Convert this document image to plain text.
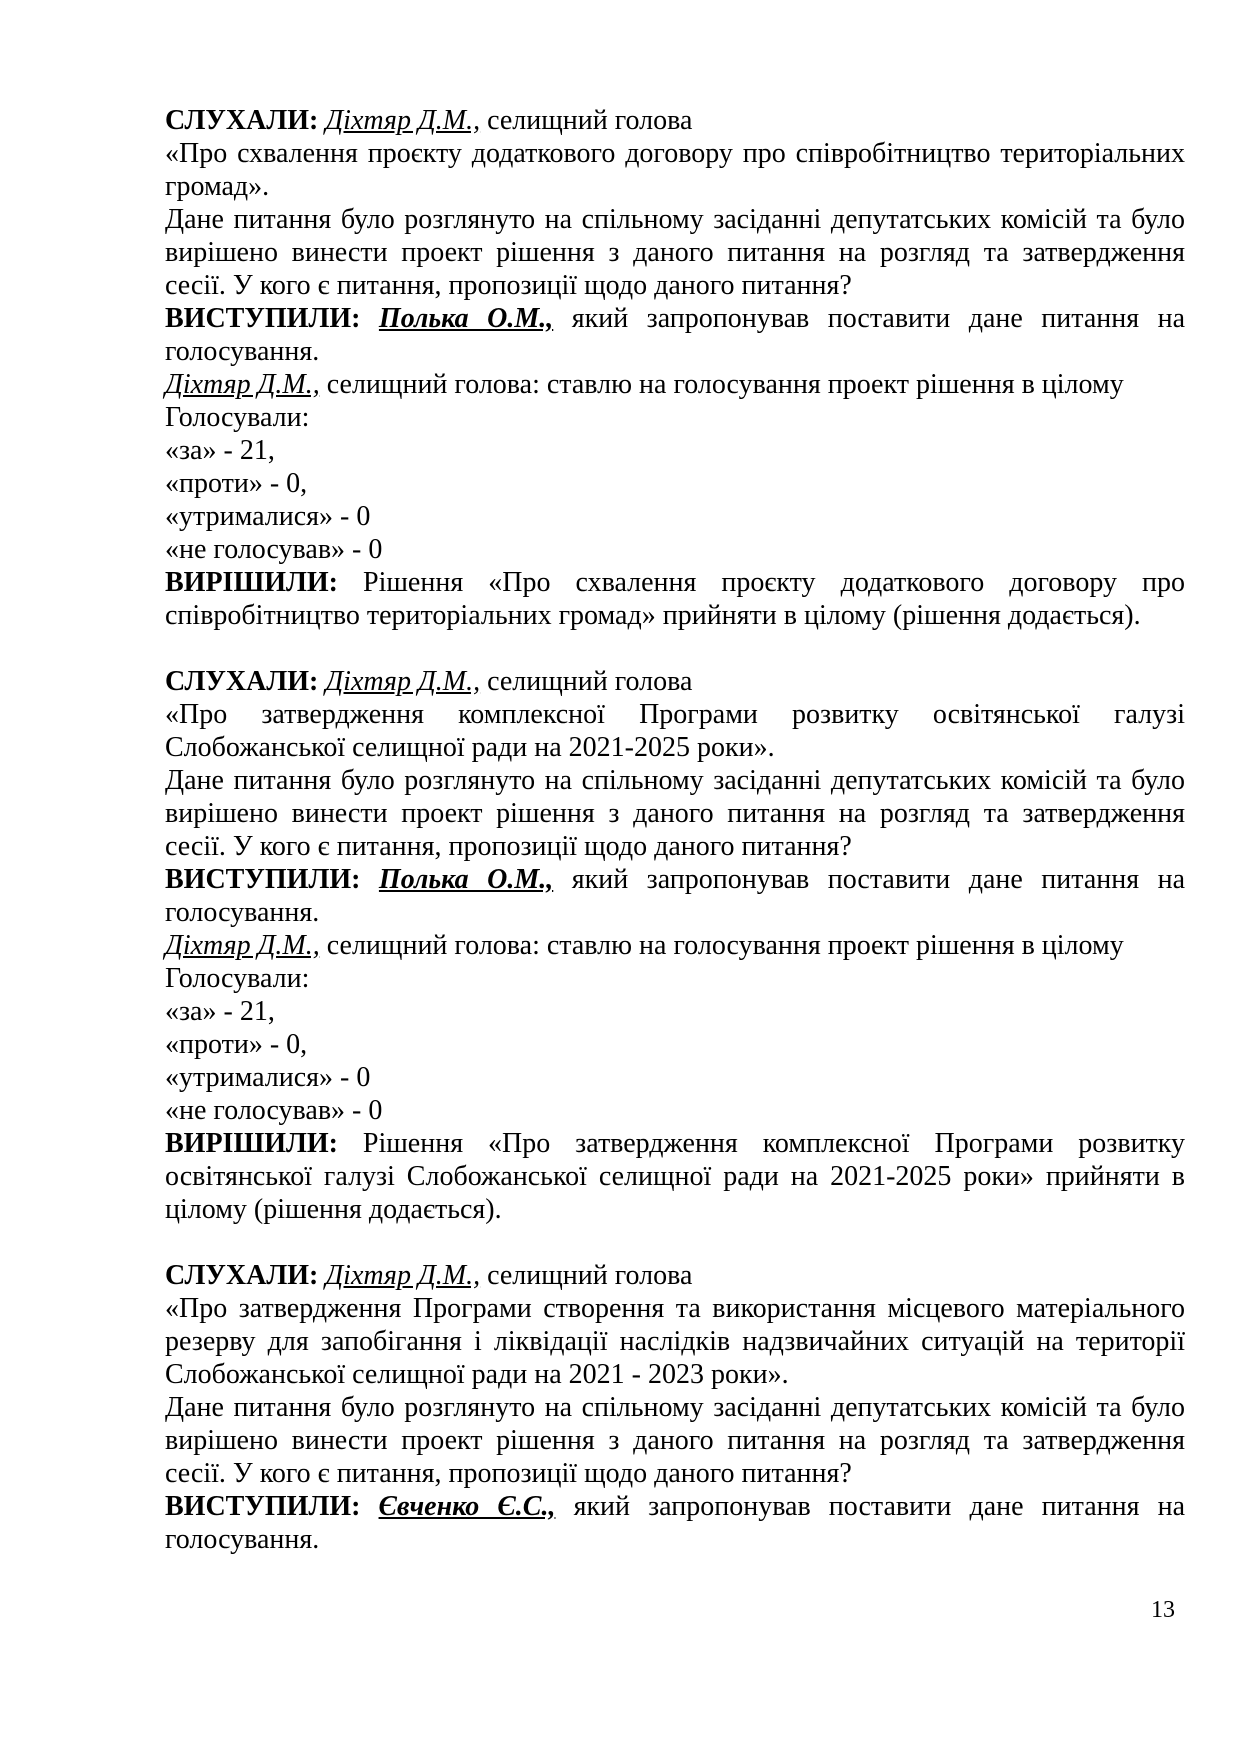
СЛУХАЛИ: Діхтяр Д.М., селищний голова

«Про схвалення проєкту додаткового договору про співробітництво територіальних громад».

Дане питання було розглянуто на спільному засіданні депутатських комісій та було вирішено винести проект рішення з даного питання на розгляд та затвердження сесії. У кого є питання, пропозиції щодо даного питання?

ВИСТУПИЛИ: Полька О.М., який запропонував поставити дане питання на голосування.

Діхтяр Д.М., селищний голова: ставлю на голосування проект рішення в цілому

Голосували:

«за» - 21,

«проти» - 0,

«утрималися» - 0

«не голосував» - 0

ВИРІШИЛИ: Рішення «Про схвалення проєкту додаткового договору про співробітництво територіальних громад» прийняти в цілому (рішення додається).

СЛУХАЛИ: Діхтяр Д.М., селищний голова

«Про затвердження комплексної Програми розвитку освітянської галузі Слобожанської селищної ради на 2021-2025 роки».

Дане питання було розглянуто на спільному засіданні депутатських комісій та було вирішено винести проект рішення з даного питання на розгляд та затвердження сесії. У кого є питання, пропозиції щодо даного питання?

ВИСТУПИЛИ: Полька О.М., який запропонував поставити дане питання на голосування.

Діхтяр Д.М., селищний голова: ставлю на голосування проект рішення в цілому

Голосували:

«за» - 21,

«проти» - 0,

«утрималися» - 0

«не голосував» - 0

ВИРІШИЛИ: Рішення «Про затвердження комплексної Програми розвитку освітянської галузі Слобожанської селищної ради на 2021-2025 роки» прийняти в цілому (рішення додається).

СЛУХАЛИ: Діхтяр Д.М., селищний голова

«Про затвердження Програми створення та використання місцевого матеріального резерву для запобігання і ліквідації наслідків надзвичайних ситуацій на території Слобожанської селищної ради на 2021 - 2023 роки».

Дане питання було розглянуто на спільному засіданні депутатських комісій та було вирішено винести проект рішення з даного питання на розгляд та затвердження сесії. У кого є питання, пропозиції щодо даного питання?

ВИСТУПИЛИ: Євченко Є.С., який запропонував поставити дане питання на голосування.

13
